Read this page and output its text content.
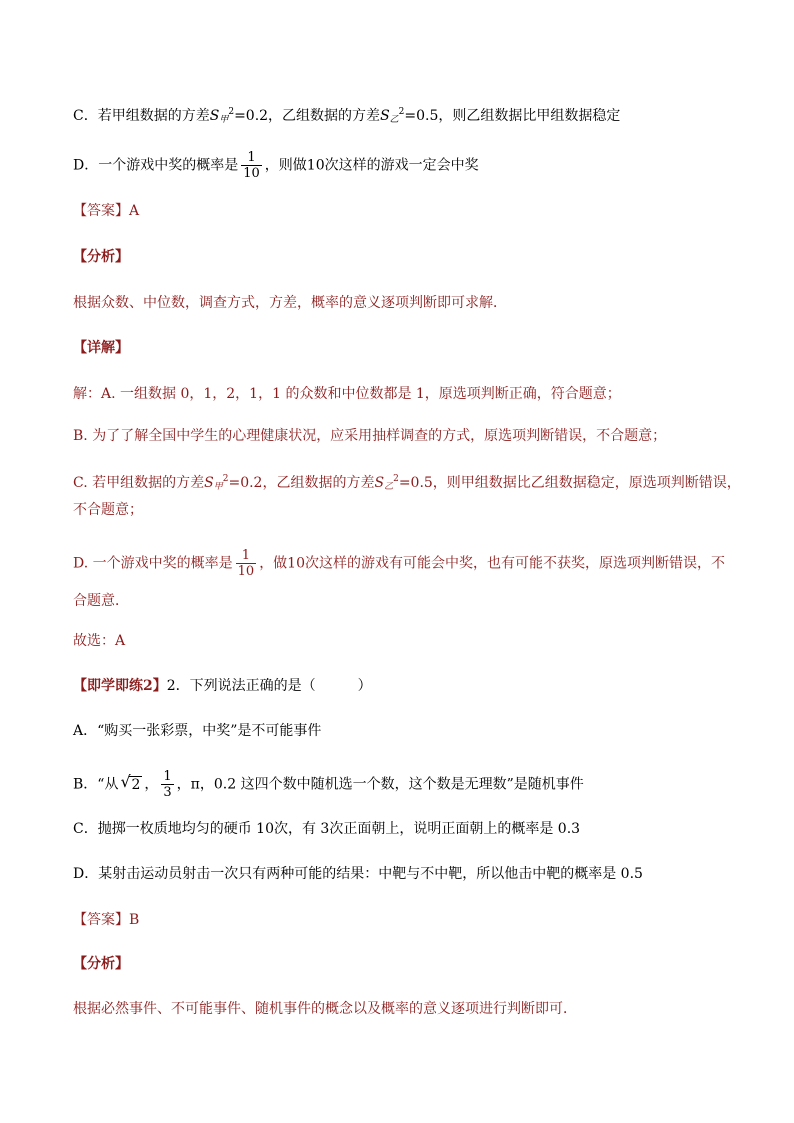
C．若甲组数据的方差$S_甲^2=0.2$，乙组数据的方差$S_乙^2=0.5$，则乙组数据比甲组数据稳定
D．一个游戏中奖的概率是 $\frac{1}{10}$ ，则做10次这样的游戏一定会中奖
【答案】A
【分析】
根据众数、中位数，调查方式，方差，概率的意义逐项判断即可求解．
【详解】
解：A. 一组数据 0，1，2，1，1 的众数和中位数都是 1，原选项判断正确，符合题意；
B. 为了了解全国中学生的心理健康状况，应采用抽样调查的方式，原选项判断错误，不合题意；
C. 若甲组数据的方差$S_甲^2=0.2$，乙组数据的方差$S_乙^2=0.5$，则甲组数据比乙组数据稳定，原选项判断错误，
不合题意；
D. 一个游戏中奖的概率是 $\frac{1}{10}$ ，做10次这样的游戏有可能会中奖，也有可能不获奖，原选项判断错误，不
合题意．
故选：A
【即学即练2】2．下列说法正确的是（　　　）
A．“购买一张彩票，中奖”是不可能事件
B．“从 √ 2 ， $\frac{1}{3}$ ，π，0.2 这四个数中随机选一个数，这个数是无理数”是随机事件
C．抛掷一枚质地均匀的硬币 10次，有 3次正面朝上，说明正面朝上的概率是 0.3
D．某射击运动员射击一次只有两种可能的结果：中靶与不中靶，所以他击中靶的概率是 0.5
【答案】B
【分析】
根据必然事件、不可能事件、随机事件的概念以及概率的意义逐项进行判断即可．
